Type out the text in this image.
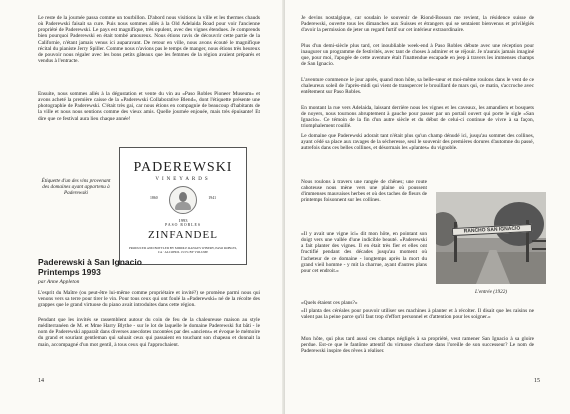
Le reste de la journée passa comme un tourbillon. D'abord nous visitions la ville et les thermes chauds où Paderewski faisait sa cure. Puis nous sommes allés à la Old Adelaida Road pour voir l'ancienne propriété de Paderewski. Le pays est magnifique, très opulent, avec des vignes étendues. Je comprends bien pourquoi Paderewski en était tombé amoureux. Nous étions ravis de découvrir cette partie de la Californie, n'étant jamais venus ici auparavant. De retour en ville, nous avons écouté le magnifique récital du pianiste Jerry Spiller. Comme nous n'avions pas le temps de manger, nous étions très heureux de pouvoir nous régaler avec les bons petits gâteaux que les femmes de la région avaient préparés et vendus à l'entracte.

Ensuite, nous sommes allés à la dégustation et vente du vin au «Paso Robles Pioneer Museum» et avons acheté la première caisse de la «Paderewski Collaborative Blend», dont l'étiquette présente une photographie de Paderewski. C'était très gai, car nous étions en compagnie de beaucoup d'habitants de la ville et nous nous sentions comme des vieux amis. Quelle journée enjouée, mais très épuisante! Et dire que ce festival aura lieu chaque année!

Étiquette d'un des vins provenant des domaines ayant appartenu à Paderewski
PADEREWSKI
VINEYARDS
1860	1941
1993
PASO ROBLES
ZINFANDEL
PRODUCED AND BOTTLED BY MIDDLE RANGES WINERY, PASO ROBLES, CA · ALCOHOL 13.5% BY VOLUME
Paderewski à San Ignacio
Printemps 1993
par Anne Appleton

L'esprit du Maître (ou peut-être lui-même comme propriétaire et invité?) se promène parmi nous qui venons vers sa terre pour tirer le vin. Pour tous ceux qui ont foulé la «Paderewski» né de la récolte des grappes que le grand virtuose du piano avait introduites dans cette région.

Pendant que les invités se rassemblent autour du coin de feu de la chaleureuse maison au style méditerranéen de M. et Mme Harry Blythe - sur le lot de laquelle le domaine Paderewski fut bâti - le nom de Paderewski apparaît dans diverses anecdotes racontées par des «anciens» et évoque le mémoire du grand et souriant gentleman qui saluait ceux qui passaient en touchant son chapeau et donnait la main, accompagné d'un mot gentil, à tous ceux qui l'approchaient.

14

Je devins nostalgique, car soudain le souvenir de Riond-Bosson me revient, la résidence suisse de Paderewski, ouverte tous les dimanches aux Suisses et étrangers qui se sentaient bienvenus et privilégiés d'avoir la permission de jeter un regard furtif sur cet intérieur extraordinaire.

Plus d'un demi-siècle plus tard, cet inoubliable week-end à Paso Robles débute avec une réception pour inaugurer un programme de festivités, avec tant de choses à admirer et se réjouir. Je n'aurais jamais imaginé que, pour moi, l'apogée de cette aventure était l'inattendue escapade en jeep à travers les immenses champs de San Ignacio.

L'aventure commence le jour après, quand mon hôte, sa belle-sœur et moi-même roulons dans le vent de ce chaleureux soleil de l'après-midi qui vient de transpercer le brouillard de mars qui, ce matin, s'accroche avec entêtement sur Paso Robles.

En montant la rue vers Adelaida, laissant derrière nous les vignes et les caveaux, les amandiers et bosquets de noyers, nous tournons abruptement à gauche pour passer par un portail ouvert qui porte le sigle «San Ignacio». Ce témoin de la fin d'un autre siècle et du début de celui-ci continue de vivre à sa façon, triomphalement rouillé.

Le domaine que Paderewski adorait tant n'était plus qu'un champ dénudé ici, jusqu'au sommet des collines, ayant cédé sa place aux ravages de la sécheresse, seul le souvenir des premières dorures d'automne du passé, autrefois dans ces belles collines, et désormais les «plantes» du vignoble.

Nous roulons à travers une rangée de chênes; une route cahoteuse nous mène vers une plaine où poussent d'immenses mauvaises herbes et où des taches de fleurs de printemps foisonnent sur les collines.

«Il y avait une vigne ici» dit mon hôte, en pointant son doigt vers une vallée d'une indicible beauté. «Paderewski a fait planter des vignes. Il en était très fier et elles ont fructifié pendant des décades jusqu'au moment où l'acheteur de ce domaine - longtemps après la mort du grand vieil homme - y mit la charrue, ayant d'autres plans pour cet endroit.»

«Quels étaient ces plans?»

«Il planta des céréales pour pouvoir utiliser ses machines à planter et à récolter. Il disait que les raisins ne valent pas la peine parce qu'il faut trop d'effort personnel et d'attention pour les soigner.»

Mon hôte, qui plus tard aussi ces champs négligés à sa propriété, veut ramener San Ignacio à sa gloire perdue. Est-ce que le fantôme attentif du virtuose chuchote dans l'oreille de son successeur? Le nom de Paderewski inspire des rêves à réaliser.

L'entrée (1922)
15
RANCHO SAN IGNACIO
